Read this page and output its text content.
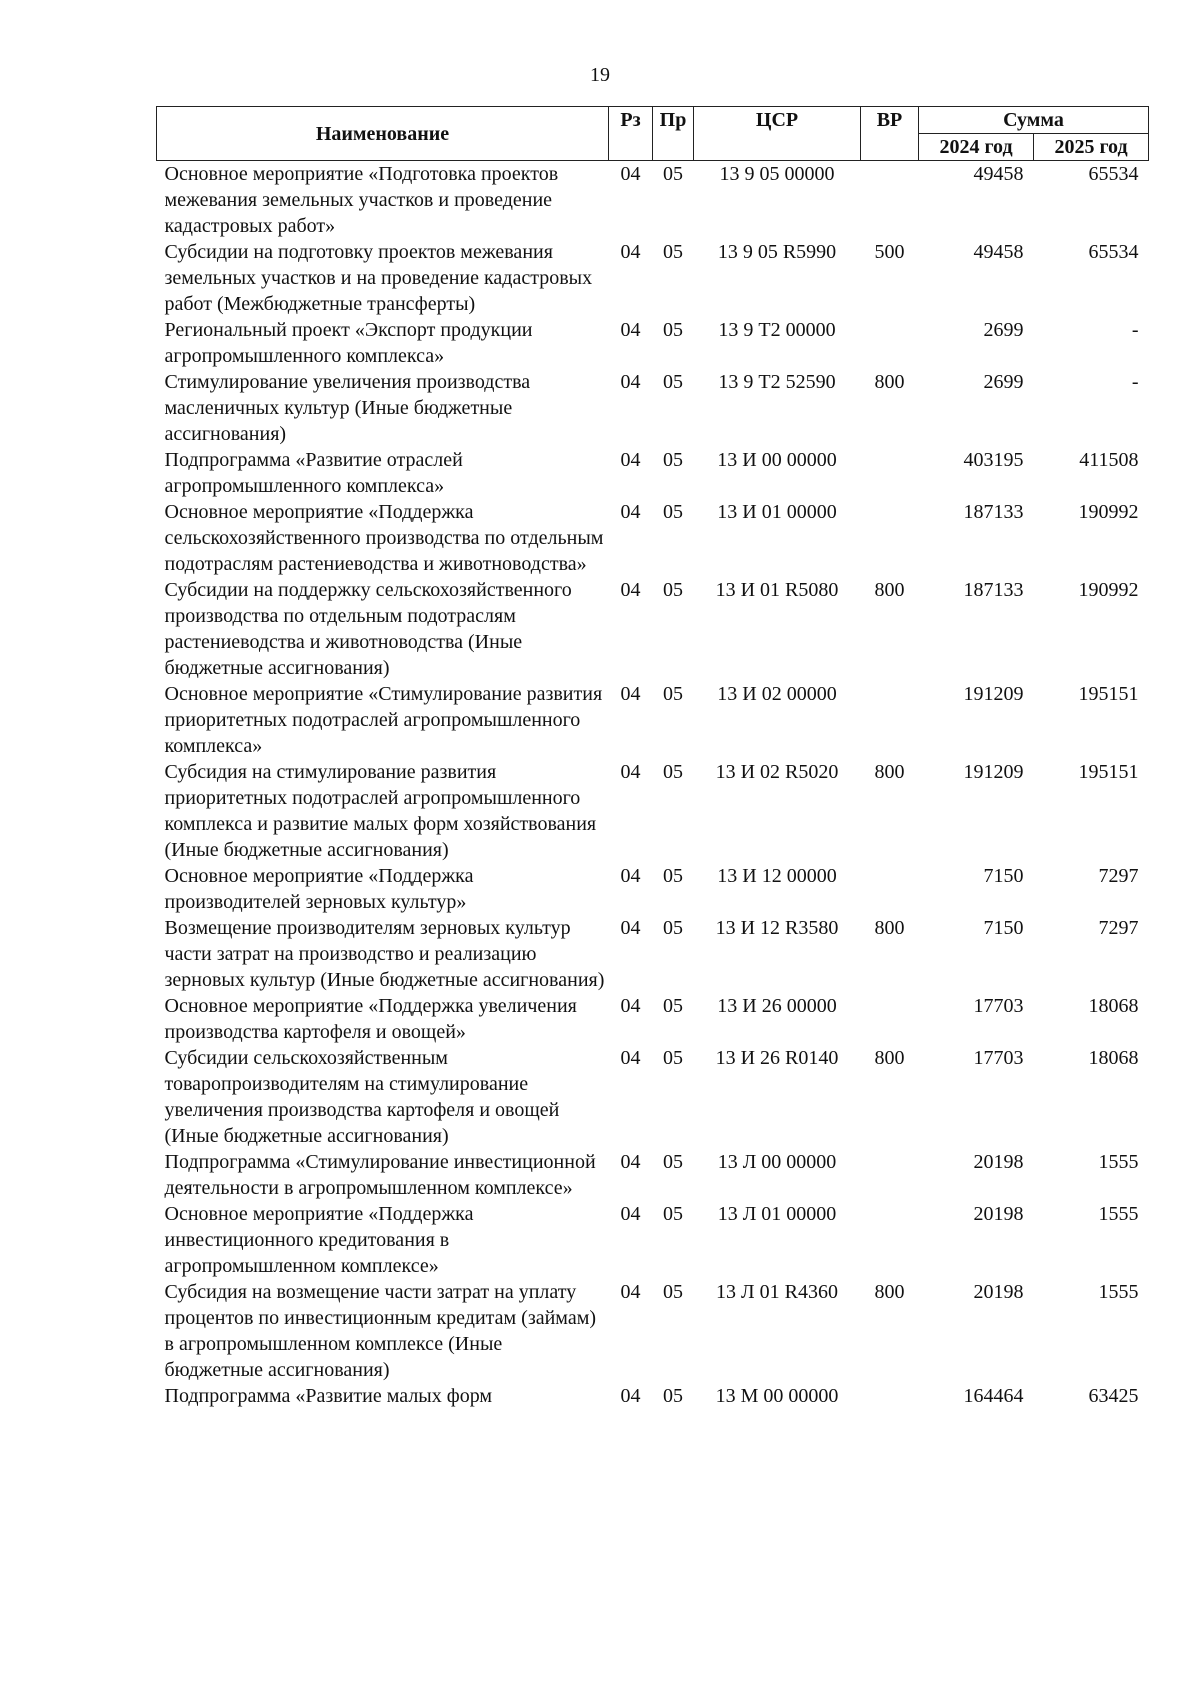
19
Наименование	Рз	Пр	ЦСР	ВР	Сумма	
					2024 год	2025 год
Основное мероприятие «Подготовка проектов межевания земельных участков и проведение кадастровых работ»	04	05	13 9 05 00000		49458	65534
Субсидии на подготовку проектов межевания земельных участков и на проведение кадастровых работ (Межбюджетные трансферты)	04	05	13 9 05 R5990	500	49458	65534
Региональный проект «Экспорт продукции агропромышленного комплекса»	04	05	13 9 Т2 00000		2699	-
Стимулирование увеличения производства масленичных культур (Иные бюджетные ассигнования)	04	05	13 9 Т2 52590	800	2699	-
Подпрограмма «Развитие отраслей агропромышленного комплекса»	04	05	13 И 00 00000		403195	411508
Основное мероприятие «Поддержка сельскохозяйственного производства по отдельным подотраслям растениеводства и животноводства»	04	05	13 И 01 00000		187133	190992
Субсидии на поддержку сельскохозяйственного производства по отдельным подотраслям растениеводства и животноводства (Иные бюджетные ассигнования)	04	05	13 И 01 R5080	800	187133	190992
Основное мероприятие «Стимулирование развития приоритетных подотраслей агропромышленного комплекса»	04	05	13 И 02 00000		191209	195151
Субсидия на стимулирование развития приоритетных подотраслей агропромышленного комплекса и развитие малых форм хозяйствования (Иные бюджетные ассигнования)	04	05	13 И 02 R5020	800	191209	195151
Основное мероприятие «Поддержка производителей зерновых культур»	04	05	13 И 12 00000		7150	7297
Возмещение производителям зерновых культур части затрат на производство и реализацию зерновых культур (Иные бюджетные ассигнования)	04	05	13 И 12 R3580	800	7150	7297
Основное мероприятие «Поддержка увеличения производства картофеля и овощей»	04	05	13 И 26 00000		17703	18068
Субсидии сельскохозяйственным товаропроизводителям на стимулирование увеличения производства картофеля и овощей (Иные бюджетные ассигнования)	04	05	13 И 26 R0140	800	17703	18068
Подпрограмма «Стимулирование инвестиционной деятельности в агропромышленном комплексе»	04	05	13 Л 00 00000		20198	1555
Основное мероприятие «Поддержка инвестиционного кредитования в агропромышленном комплексе»	04	05	13 Л 01 00000		20198	1555
Субсидия на возмещение части затрат на уплату процентов по инвестиционным кредитам (займам) в агропромышленном комплексе (Иные бюджетные ассигнования)	04	05	13 Л 01 R4360	800	20198	1555
Подпрограмма «Развитие малых форм	04	05	13 М 00 00000		164464	63425
